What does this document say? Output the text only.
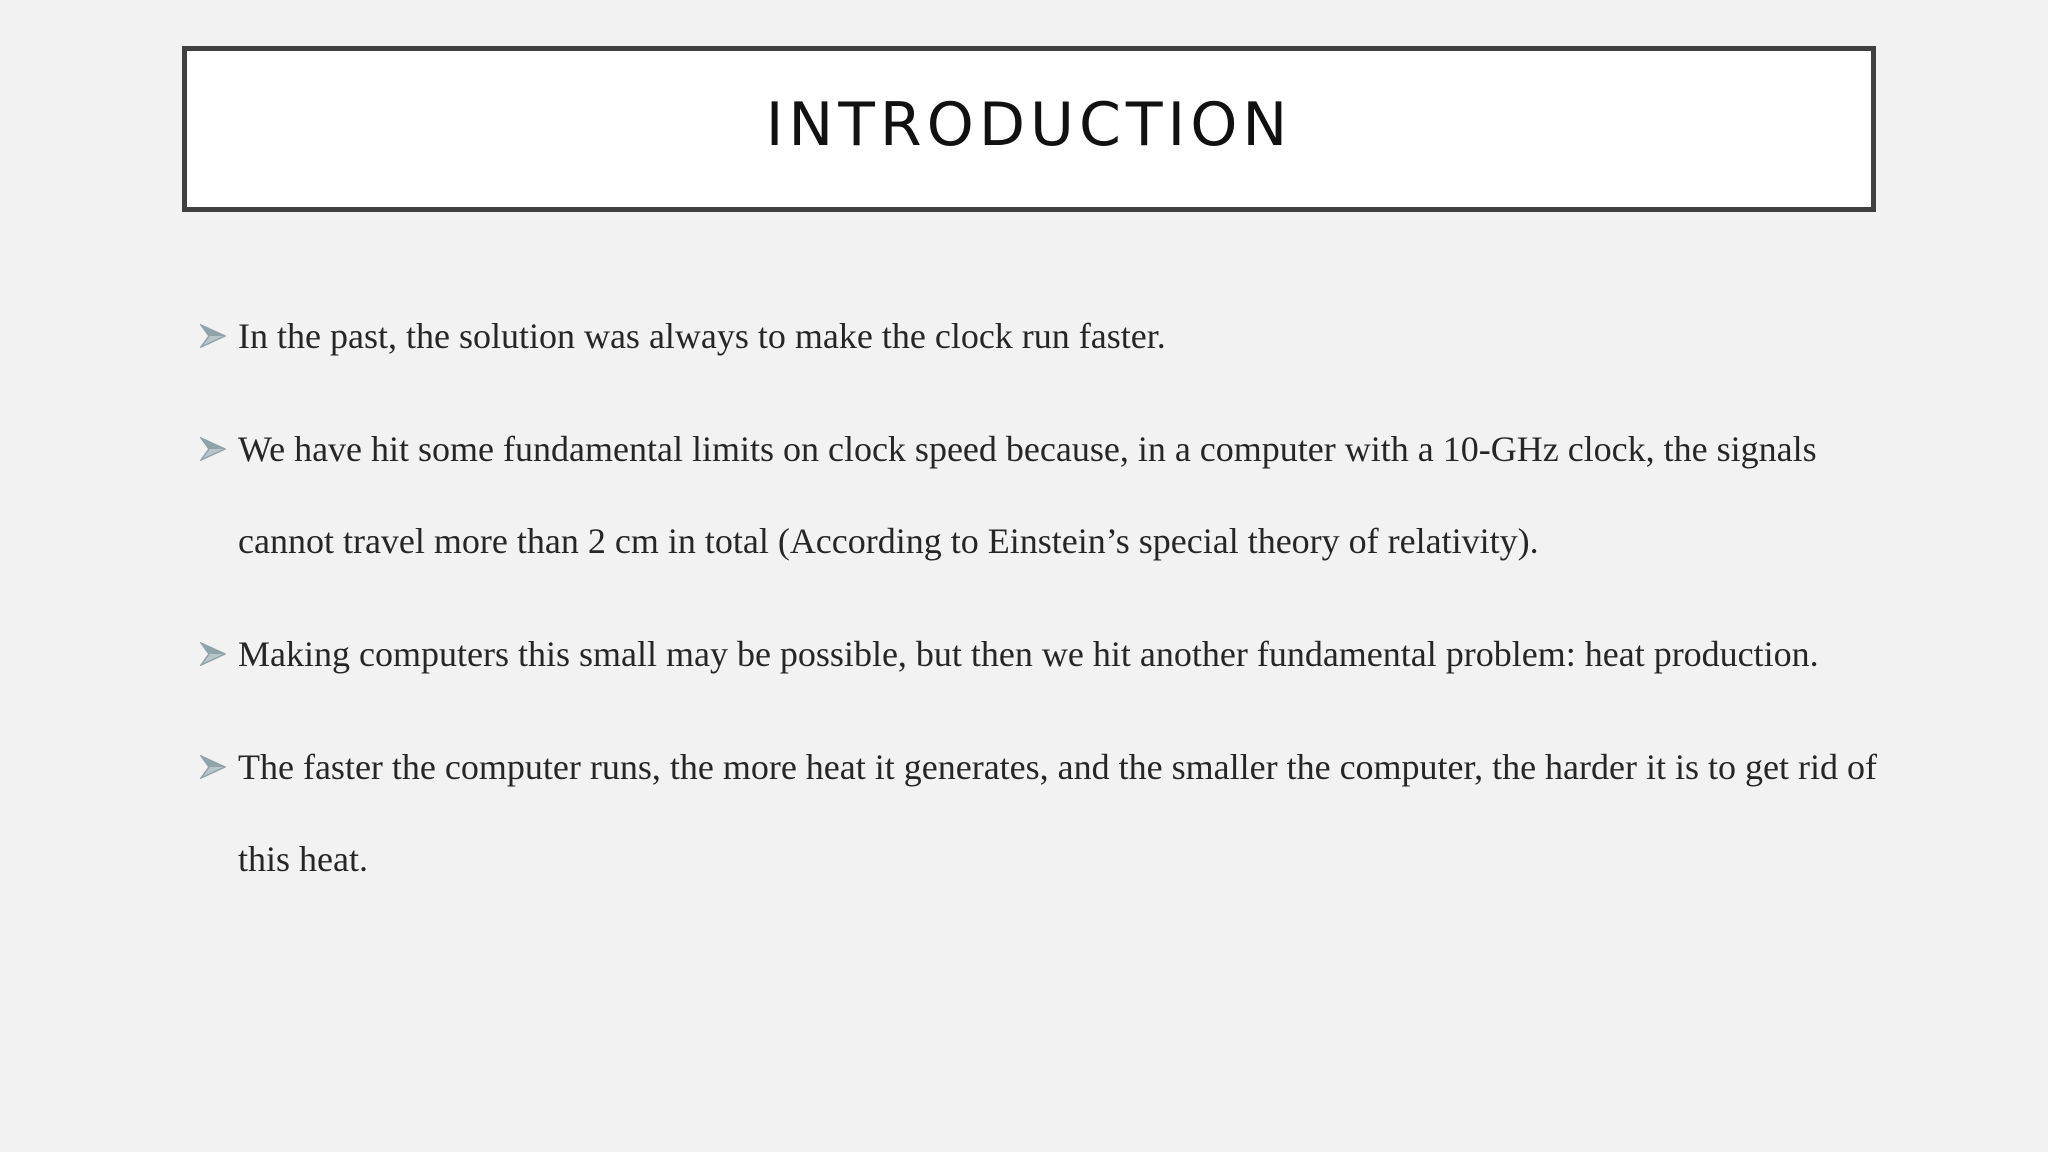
INTRODUCTION
In the past, the solution was always to make the clock run faster.
We have hit some fundamental limits on clock speed because, in a computer with a 10-GHz clock, the signals cannot travel more than 2 cm in total (According to Einstein’s special theory of relativity).
Making computers this small may be possible, but then we hit another fundamental problem: heat production.
The faster the computer runs, the more heat it generates, and the smaller the computer, the harder it is to get rid of this heat.
